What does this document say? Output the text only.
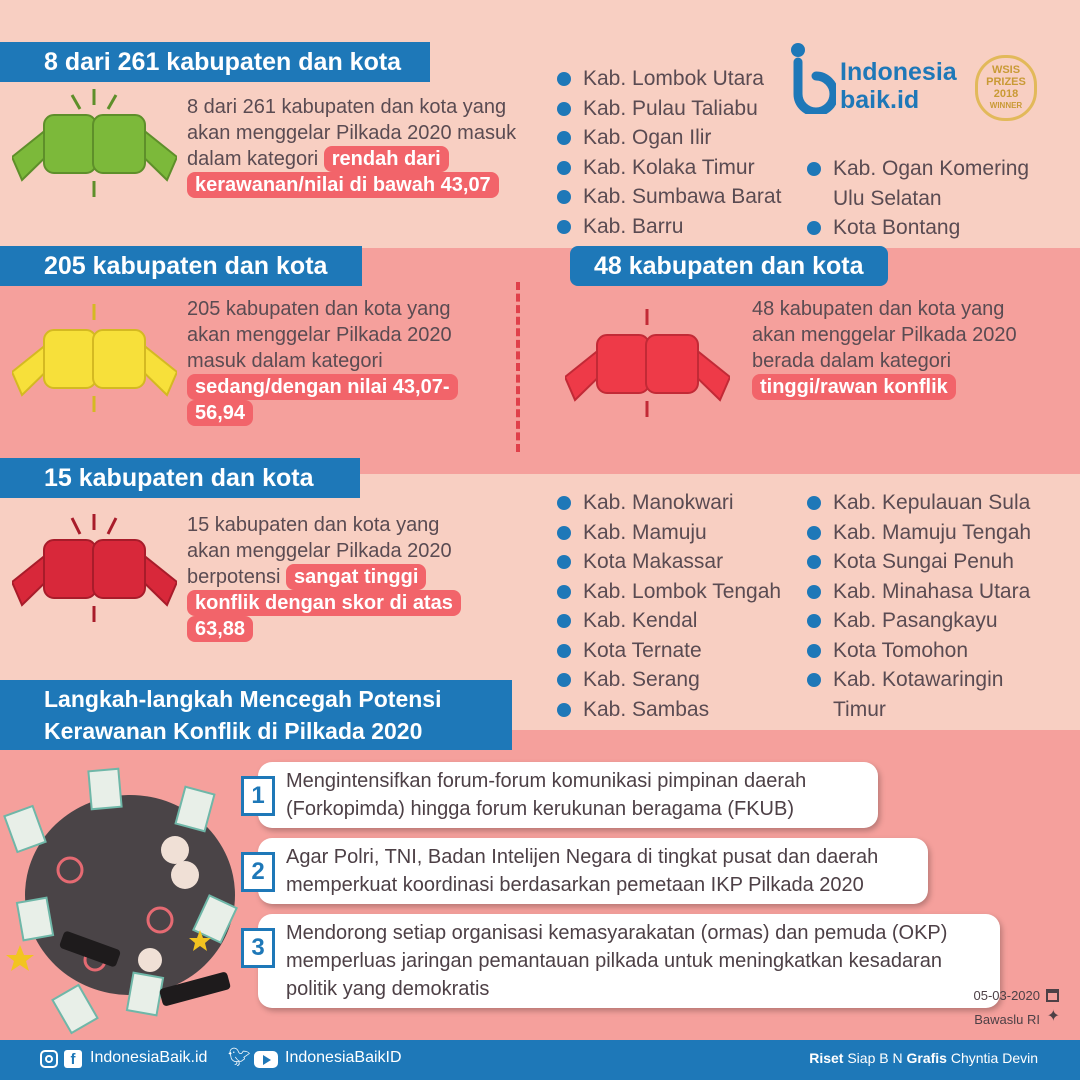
8 dari 261 kabupaten dan kota
8 dari 261 kabupaten dan kota yang akan menggelar Pilkada 2020 masuk dalam kategori rendah dari kerawanan/nilai di bawah 43,07
Kab. Lombok Utara
Kab. Pulau Taliabu
Kab. Ogan Ilir
Kab. Kolaka Timur
Kab. Sumbawa Barat
Kab. Barru
Kab. Ogan Komering Ulu Selatan
Kota Bontang
Indonesia
baik.id
WSIS
PRIZES
2018
WINNER
205 kabupaten dan kota
205 kabupaten dan kota yang akan menggelar Pilkada 2020 masuk dalam kategori sedang/dengan nilai 43,07-56,94
48 kabupaten dan kota
48 kabupaten dan kota yang akan menggelar Pilkada 2020 berada dalam kategori tinggi/rawan konflik
15 kabupaten dan kota
15 kabupaten dan kota yang akan menggelar Pilkada 2020 berpotensi sangat tinggi konflik dengan skor di atas 63,88
Kab. Manokwari
Kab. Mamuju
Kota Makassar
Kab. Lombok Tengah
Kab. Kendal
Kota Ternate
Kab. Serang
Kab. Sambas
Kab. Kepulauan Sula
Kab. Mamuju Tengah
Kota Sungai Penuh
Kab. Minahasa Utara
Kab. Pasangkayu
Kota Tomohon
Kab. Kotawaringin Timur
Langkah-langkah Mencegah Potensi
Kerawanan Konflik di Pilkada 2020
Mengintensifkan forum-forum komunikasi pimpinan daerah (Forkopimda) hingga forum kerukunan beragama (FKUB)
1
Agar Polri, TNI, Badan Intelijen Negara di tingkat pusat dan daerah memperkuat koordinasi berdasarkan pemetaan IKP Pilkada 2020
2
Mendorong setiap organisasi kemasyarakatan (ormas) dan pemuda (OKP) memperluas jaringan pemantauan pilkada untuk meningkatkan kesadaran politik yang demokratis
3
05-03-2020
Bawaslu RI ✦
f IndonesiaBaik.id 🐦︎ IndonesiaBaikID	Riset Siap B N Grafis Chyntia Devin
